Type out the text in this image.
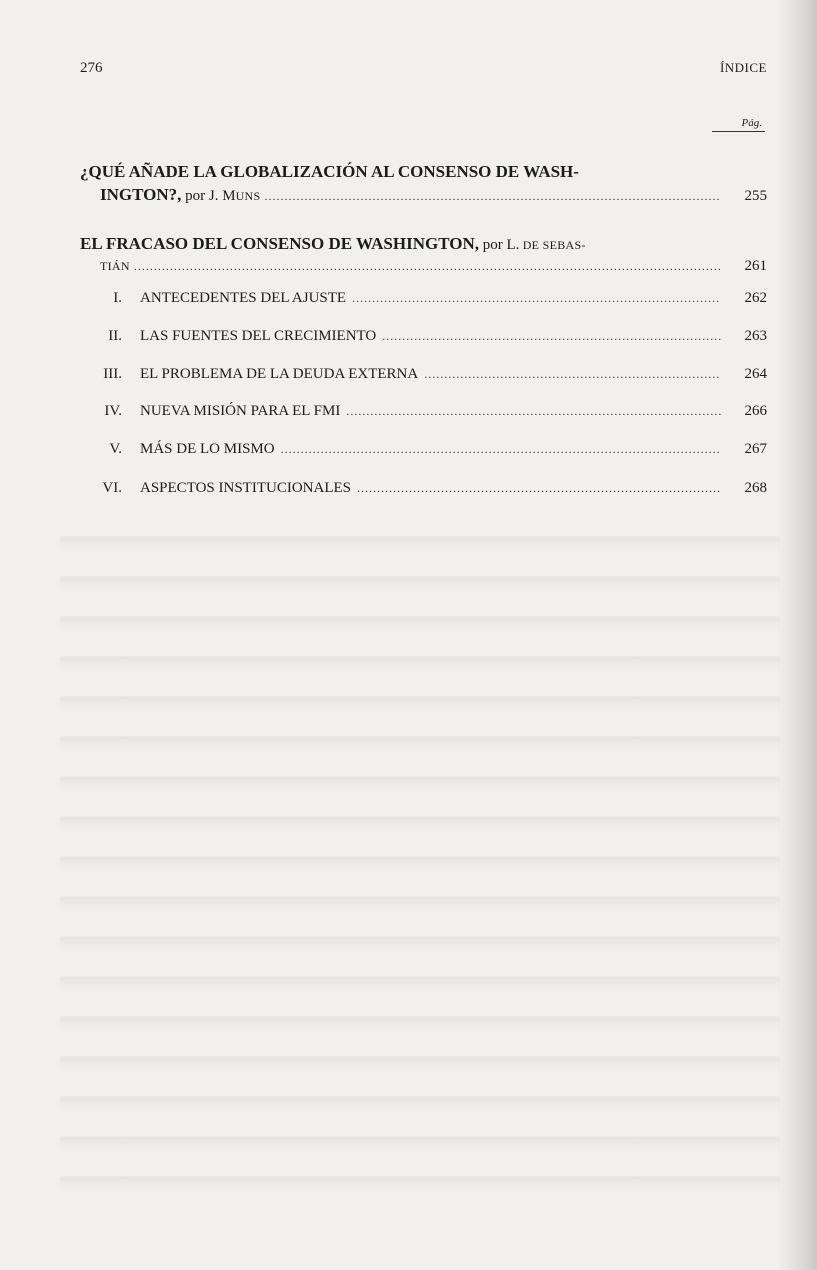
276	ÍNDICE
Pág.
¿QUÉ AÑADE LA GLOBALIZACIÓN AL CONSENSO DE WASH-
INGTON?, por J. MUNS .....	255
EL FRACASO DEL CONSENSO DE WASHINGTON, por L. DE SEBAS-
TIÁN .....	261
I. ANTECEDENTES DEL AJUSTE .....	262
II. LAS FUENTES DEL CRECIMIENTO .....	263
III. EL PROBLEMA DE LA DEUDA EXTERNA .....	264
IV. NUEVA MISIÓN PARA EL FMI .....	266
V. MÁS DE LO MISMO .....	267
VI. ASPECTOS INSTITUCIONALES .....	268
